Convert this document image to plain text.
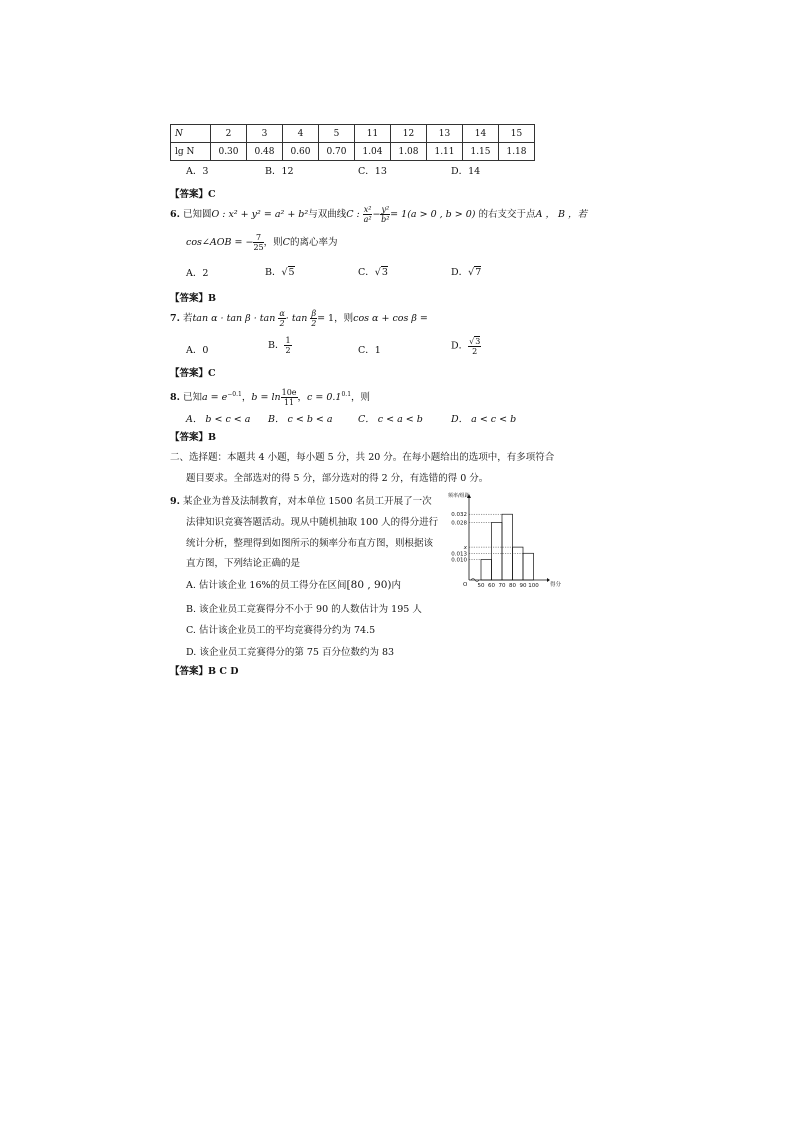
N	2	3	4	5	11	12	13	14	15
lg N	0.30	0.48	0.60	0.70	1.04	1.08	1.11	1.15	1.18
A．3	B．12	C．13	D．14
【答案】C
6. 已知圆O : x² + y² = a² + b²与双曲线C : $\frac{\text{x²}}{\text{a²}} - \frac{\text{y²}}{\text{b²}} = 1(a > 0$ , b > 0) 的右支交于点A ， B ，若
cos∠AOB = − $\frac{7}{25}$ ，则C的离心率为
A．2	B．√5	C．√3	D．√7
【答案】B
7. 若$\tan \alpha \cdot \tan \beta \cdot \tan \frac{\alpha}{2} \cdot \tan \frac{\beta}{2} = 1$，则cos α + cos β =
A．0	B． $\frac{1}{2}$	C．1	D． $\frac{√3}{2}$
【答案】C
8. 已知$a = e^{-0.1}$，$b = \ln \frac{10e}{11}$ ，$c = 0.1^{0.1}$，则
A． b < c < a B． c < b < a	C． c < a < b	D． a < c < b
【答案】B
二、选择题：本题共 4 小题，每小题 5 分，共 20 分。在每小题给出的选项中，有多项符合
题目要求。全部选对的得 5 分，部分选对的得 2 分，有选错的得 0 分。
9. 某企业为普及法制教育，对本单位 1500 名员工开展了一次
法律知识竞赛答题活动。现从中随机抽取 100 人的得分进行
统计分析，整理得到如图所示的频率分布直方图，则根据该
直方图，下列结论正确的是
A. 估计该企业 16%的员工得分在区间[80 , 90)内
B. 该企业员工竞赛得分不小于 90 的人数估计为 195 人
C. 估计该企业员工的平均竞赛得分约为 74.5
D. 该企业员工竞赛得分的第 75 百分位数约为 83
【答案】B C D
O	得分
频率/组距
0.032
0.028
x
0.013
0.010
50 60 70 80 90 100
